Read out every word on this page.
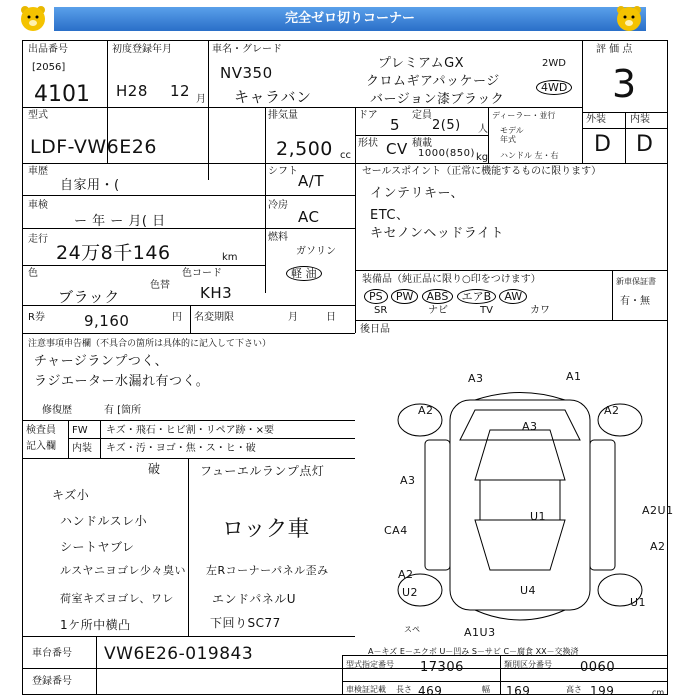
完全ゼロ切りコーナー
出品番号
[2056]
4101
初度登録年月
H28 12 月
車名・グレード
NV350
キャラバン
プレミアムGX
クロムギアパッケージ
バージョン漆ブラック
2WD
4WD
評 価 点
3
型式
LDF-VW6E26
排気量
2,500 cc
ドア
5
定員
2(5) 人
形状 CV 積載
1000(850) kg
ディーラー・並行
モデル年式
ハンドル 左・右
外装 内装
D D
車歴
自家用・(
シフト
A/T
セールスポイント（正常に機能するものに限ります）
インテリキー、
ETC、
キセノンヘッドライト
車検
ー 年 ー 月( 日
冷房
AC
走行
24万8千146	km
燃料
ガソリン
軽 油
色
ブラック
色替
色コード
KH3
装備品（純正品に限り○印をつけます）
PS PW ABS エアB AW
SR	ナビ	TV	カワ
新車保証書
有・無
R券	9,160	円 名変期限	月	日
後日品
注意事項申告欄（不具合の箇所は具体的に記入して下さい）
チャージランプつく、
ラジエーター水漏れ有つく。
修復歴	有 [箇所
検査員
記入欄
FW キズ・飛石・ヒビ割・リペア跡・×要
内装 キズ・汚・ヨゴ・焦・ス・ヒ・破
破	フューエルランプ点灯
キズ小
ハンドルスレ小
シートヤブレ
ルスヤニヨゴレ少々臭い
荷室キズヨゴレ、ワレ
1ケ所中横凸
ロック車
左Rコーナーパネル歪み
エンドパネルU
下回りSC77
A3	A1
A2	A2
A3
A3
U1	A2U1
A2
CA4
A2
U2	U4
U1
A1U3
スペ
A－キズ E－エクボ U－凹み S－サビ C－腐食 XX－交換済
車台番号 VW6E26-019843
登録番号
型式指定番号 17306	類別区分番号 0060
車検証記載 長さ 469	幅 169	高さ 199	cm
